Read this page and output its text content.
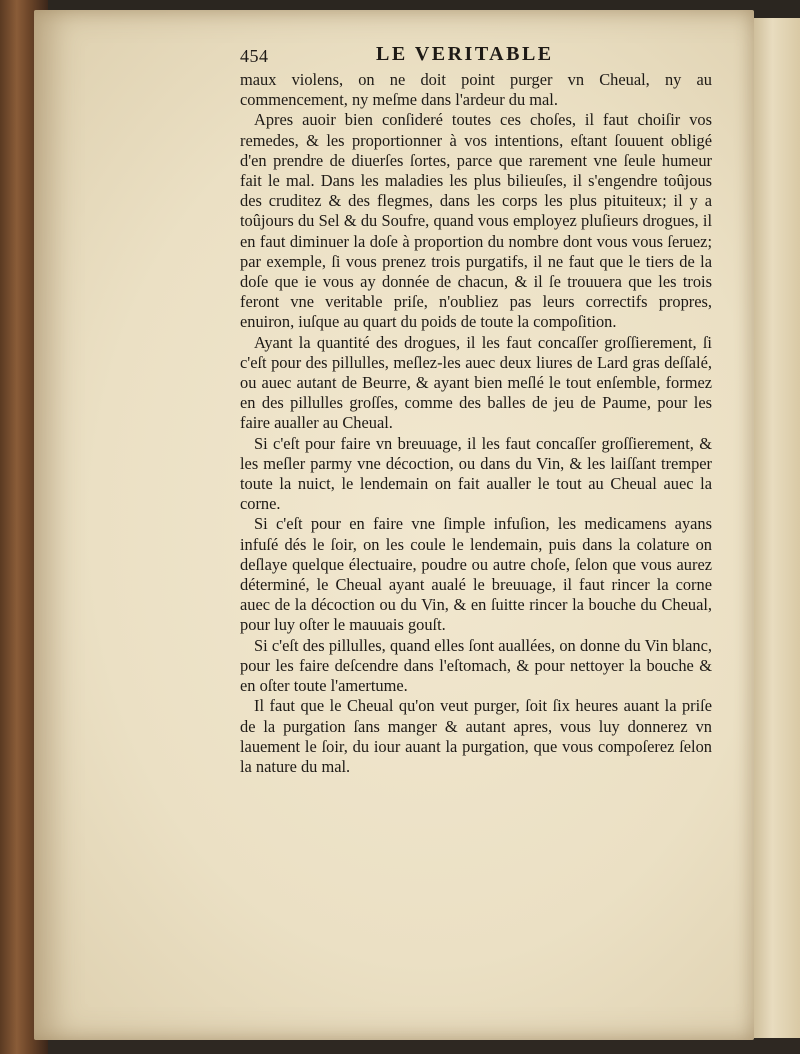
454	LE VERITABLE

maux violens, on ne doit point purger vn Cheual, ny au commencement, ny meſme dans l'ardeur du mal.

Apres auoir bien conſideré toutes ces choſes, il faut choiſir vos remedes, & les proportionner à vos intentions, eſtant ſouuent obligé d'en prendre de diuerſes ſortes, parce que rarement vne ſeule humeur fait le mal. Dans les maladies les plus bilieuſes, il s'engendre toûjous des cruditez & des flegmes, dans les corps les plus pituiteux; il y a toûjours du Sel & du Soufre, quand vous employez pluſieurs drogues, il en faut diminuer la doſe à proportion du nombre dont vous vous ſeruez; par exemple, ſi vous prenez trois purgatifs, il ne faut que le tiers de la doſe que ie vous ay donnée de chacun, & il ſe trouuera que les trois feront vne veritable priſe, n'oubliez pas leurs correctifs propres, enuiron, iuſque au quart du poids de toute la compoſition.

Ayant la quantité des drogues, il les faut concaſſer groſſierement, ſi c'eſt pour des pillulles, meſlez-les auec deux liures de Lard gras deſſalé, ou auec autant de Beurre, & ayant bien meſlé le tout enſemble, formez en des pillulles groſſes, comme des balles de jeu de Paume, pour les faire aualler au Cheual.

Si c'eſt pour faire vn breuuage, il les faut concaſſer groſſierement, & les meſler parmy vne décoction, ou dans du Vin, & les laiſſant tremper toute la nuict, le lendemain on fait aualler le tout au Cheual auec la corne.

Si c'eſt pour en faire vne ſimple infuſion, les medicamens ayans infuſé dés le ſoir, on les coule le lendemain, puis dans la colature on deſlaye quelque électuaire, poudre ou autre choſe, ſelon que vous aurez déterminé, le Cheual ayant aualé le breuuage, il faut rincer la corne auec de la décoction ou du Vin, & en ſuitte rincer la bouche du Cheual, pour luy oſter le mauuais gouſt.

Si c'eſt des pillulles, quand elles ſont auallées, on donne du Vin blanc, pour les faire deſcendre dans l'eſtomach, & pour nettoyer la bouche & en oſter toute l'amertume.

Il faut que le Cheual qu'on veut purger, ſoit ſix heures auant la priſe de la purgation ſans manger & autant apres, vous luy donnerez vn lauement le ſoir, du iour auant la purgation, que vous compoſerez ſelon la nature du mal.
